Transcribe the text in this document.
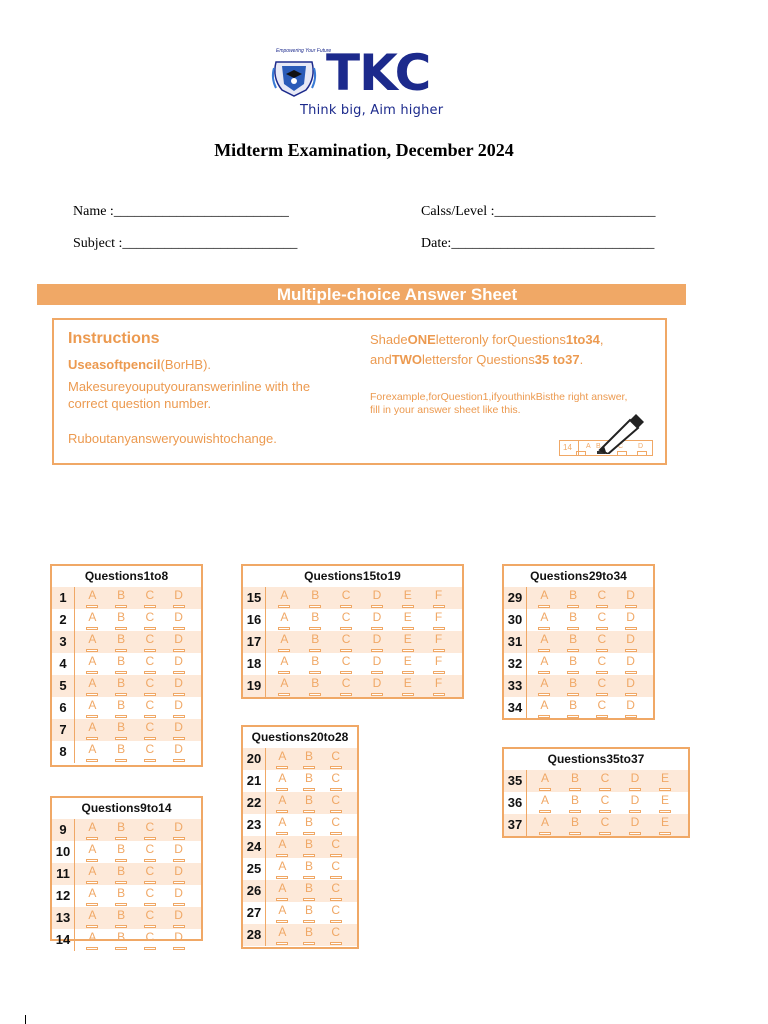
Empowering Your Future
TKC
Think big, Aim higher
Midterm Examination, December 2024
Name :_________________________	Calss/Level :_______________________
Subject :_________________________	Date:_____________________________
Multiple-choice Answer Sheet
Instructions
Useasoftpencil(BorHB).
Makesureyouputyouranswerinline with the correct question number.
Ruboutanyansweryouwishtochange.
ShadeONEletteronly forQuestions1to34,
andTWOlettersfor Questions35 to37.
Forexample,forQuestion1,ifyouthinkBisthe right answer, fill in your answer sheet like this.
14 A B C D
Questions1to8
1	A	B	C	D
2	A	B	C	D
3	A	B	C	D
4	A	B	C	D
5	A	B	C	D
6	A	B	C	D
7	A	B	C	D
8	A	B	C	D
Questions9to14
9	A	B	C	D
10	A	B	C	D
11	A	B	C	D
12	A	B	C	D
13	A	B	C	D
14	A	B	C	D
Questions15to19
15	A	B	C	D	E	F
16	A	B	C	D	E	F
17	A	B	C	D	E	F
18	A	B	C	D	E	F
19	A	B	C	D	E	F
Questions20to28
20	A	B	C
21	A	B	C
22	A	B	C
23	A	B	C
24	A	B	C
25	A	B	C
26	A	B	C
27	A	B	C
28	A	B	C
Questions29to34
29	A	B	C	D
30	A	B	C	D
31	A	B	C	D
32	A	B	C	D
33	A	B	C	D
34	A	B	C	D
Questions35to37
35	A	B	C	D	E
36	A	B	C	D	E
37	A	B	C	D	E
